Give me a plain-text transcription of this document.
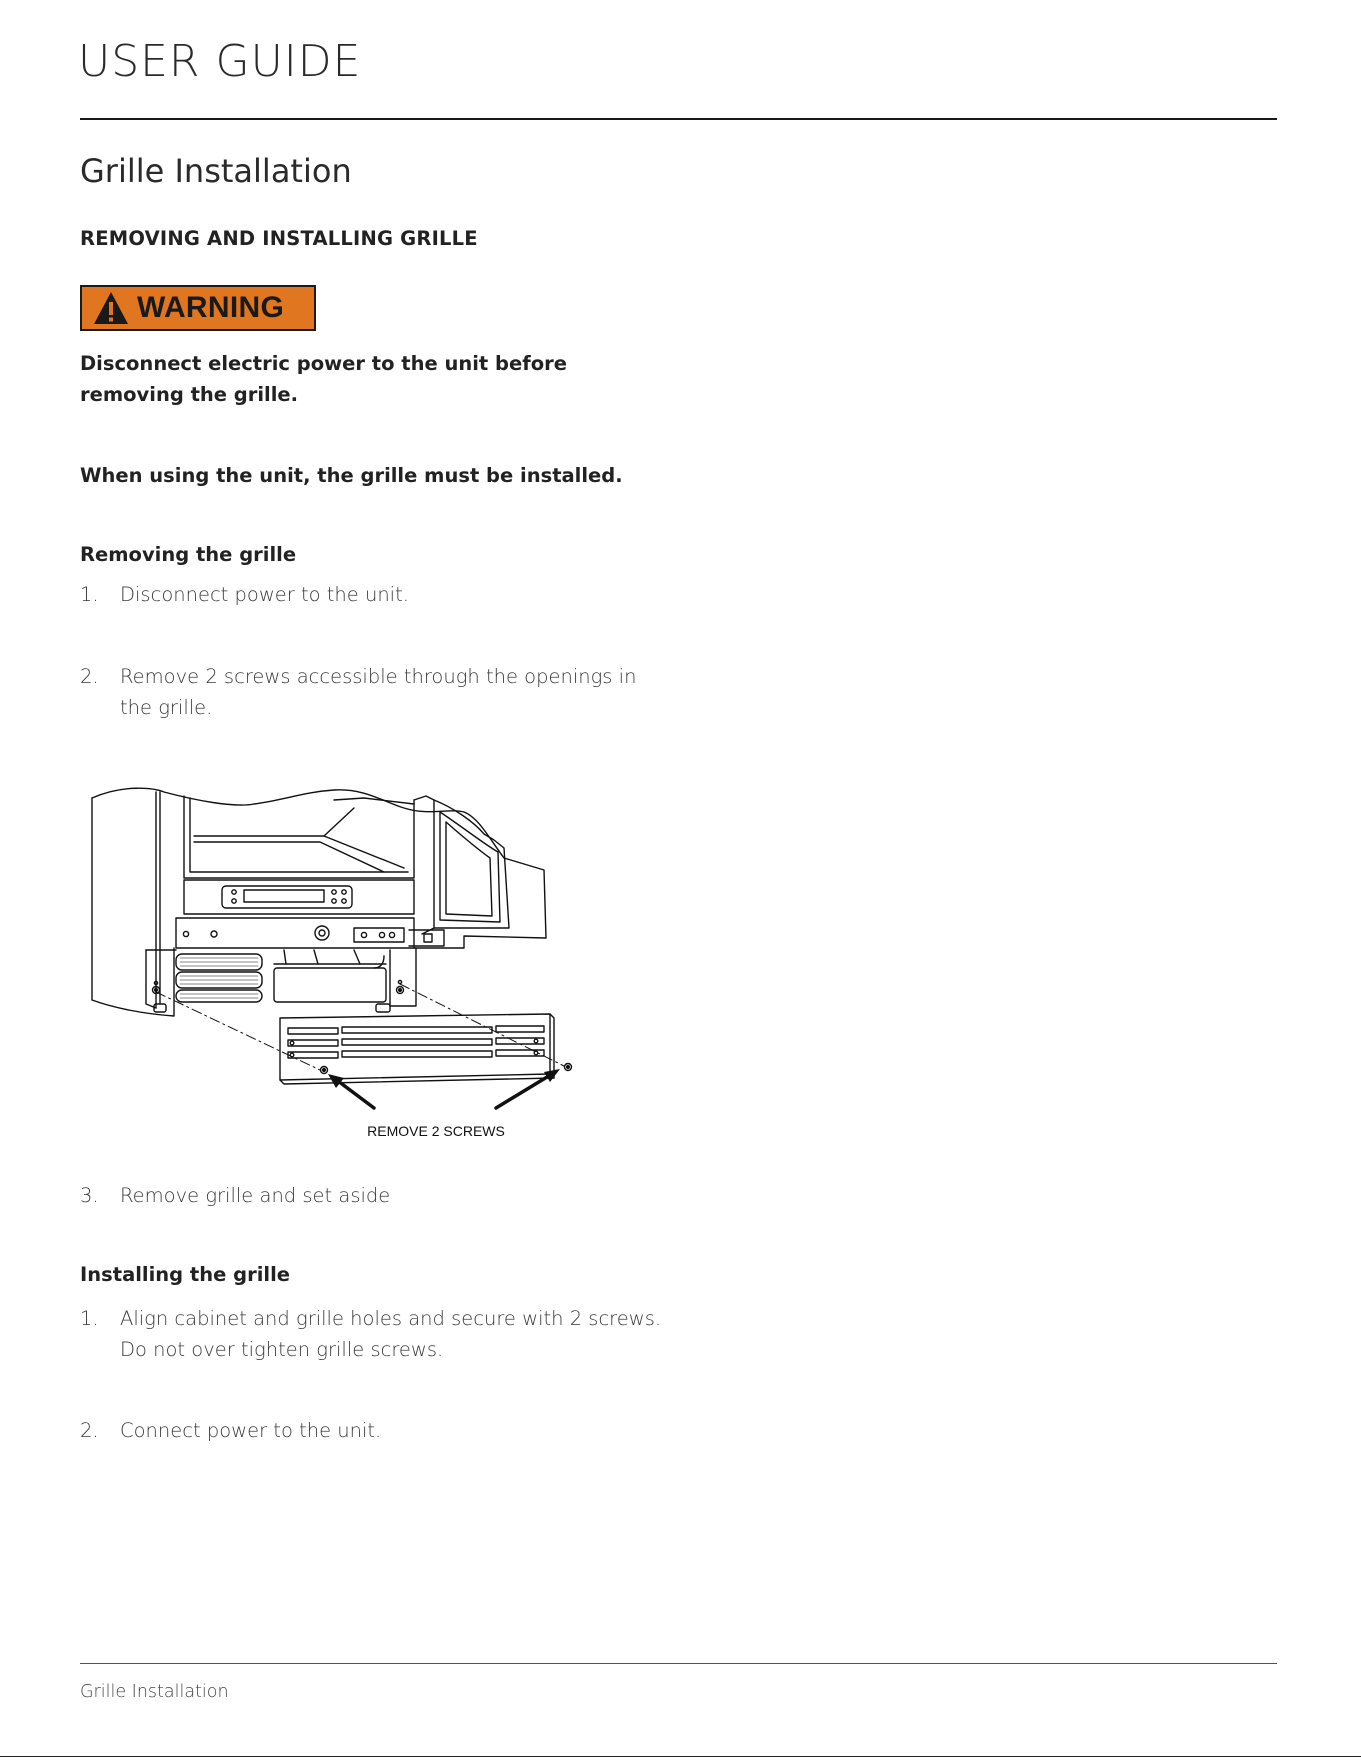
USER GUIDE
Grille Installation
REMOVING AND INSTALLING GRILLE
WARNING

Disconnect electric power to the unit before removing the grille.

When using the unit, the grille must be installed.

Removing the grille
1.	Disconnect power to the unit.
2.	Remove 2 screws accessible through the openings in the grille.
REMOVE 2 SCREWS
3.	Remove grille and set aside
Installing the grille
1.	Align cabinet and grille holes and secure with 2 screws. Do not over tighten grille screws.
2.	Connect power to the unit.

Grille Installation
